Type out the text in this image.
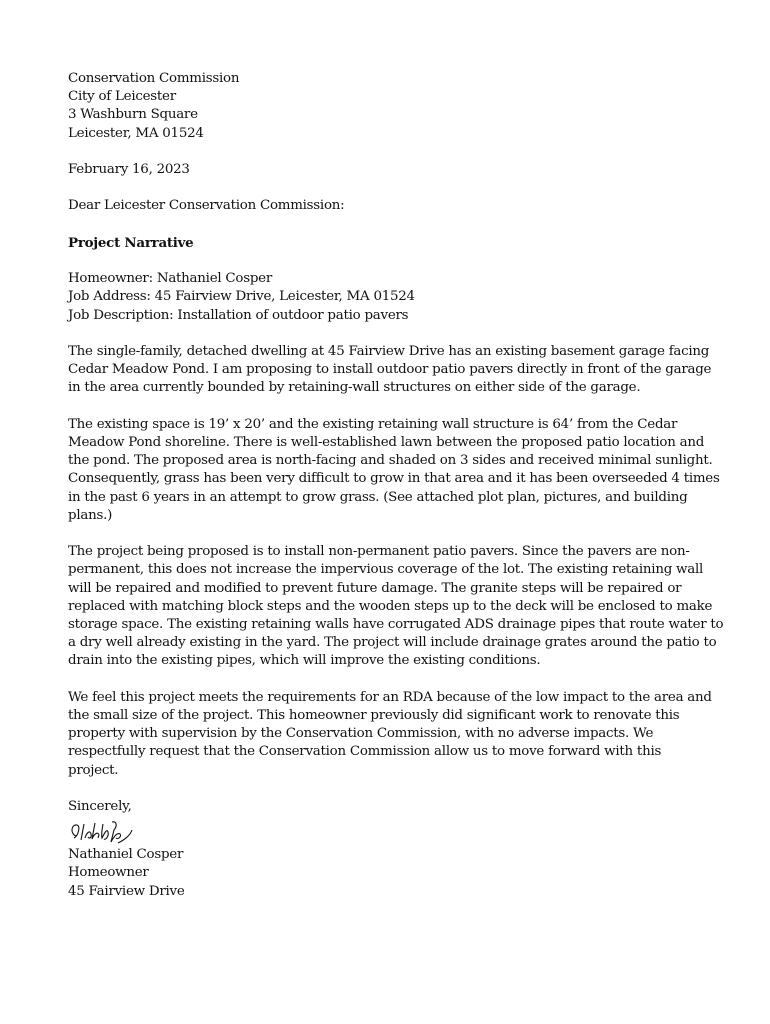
Conservation Commission
City of Leicester
3 Washburn Square
Leicester, MA 01524
February 16, 2023
Dear Leicester Conservation Commission:
Project Narrative
Homeowner: Nathaniel Cosper
Job Address: 45 Fairview Drive, Leicester, MA 01524
Job Description: Installation of outdoor patio pavers
The single-family, detached dwelling at 45 Fairview Drive has an existing basement garage facing
Cedar Meadow Pond. I am proposing to install outdoor patio pavers directly in front of the garage
in the area currently bounded by retaining-wall structures on either side of the garage.
The existing space is 19’ x 20’ and the existing retaining wall structure is 64’ from the Cedar
Meadow Pond shoreline. There is well-established lawn between the proposed patio location and
the pond. The proposed area is north-facing and shaded on 3 sides and received minimal sunlight.
Consequently, grass has been very difficult to grow in that area and it has been overseeded 4 times
in the past 6 years in an attempt to grow grass. (See attached plot plan, pictures, and building
plans.)
The project being proposed is to install non-permanent patio pavers. Since the pavers are non-
permanent, this does not increase the impervious coverage of the lot. The existing retaining wall
will be repaired and modified to prevent future damage. The granite steps will be repaired or
replaced with matching block steps and the wooden steps up to the deck will be enclosed to make
storage space. The existing retaining walls have corrugated ADS drainage pipes that route water to
a dry well already existing in the yard. The project will include drainage grates around the patio to
drain into the existing pipes, which will improve the existing conditions.
We feel this project meets the requirements for an RDA because of the low impact to the area and
the small size of the project. This homeowner previously did significant work to renovate this
property with supervision by the Conservation Commission, with no adverse impacts. We
respectfully request that the Conservation Commission allow us to move forward with this
project.
Sincerely,
Nathaniel Cosper
Homeowner
45 Fairview Drive
